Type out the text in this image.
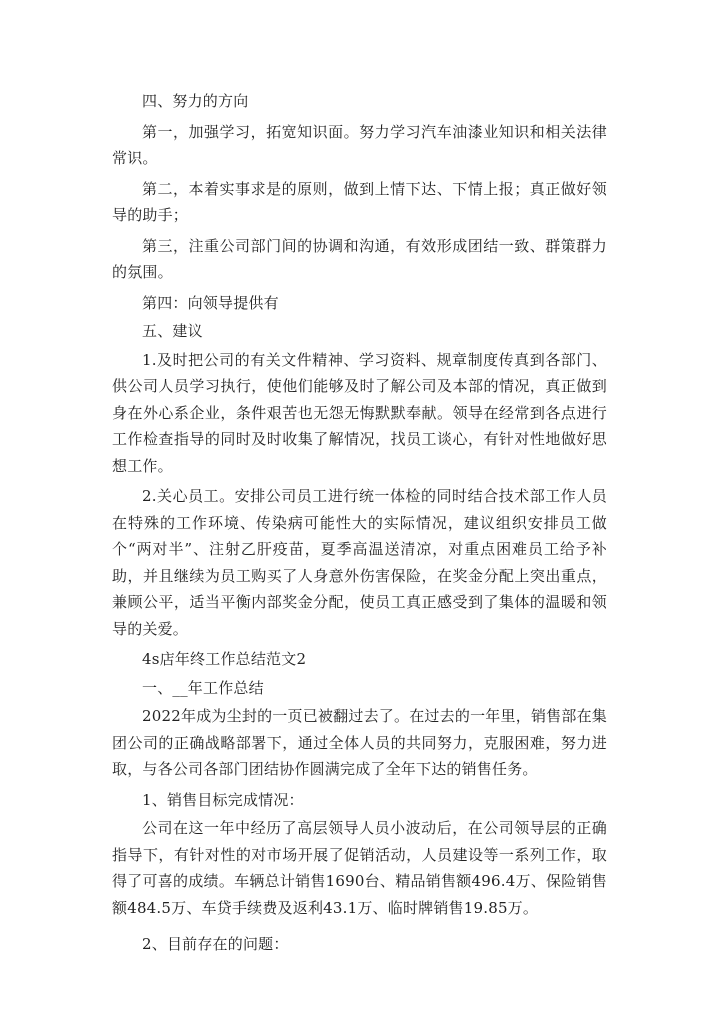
四、努力的方向

第一，加强学习，拓宽知识面。努力学习汽车油漆业知识和相关法律常识。

第二，本着实事求是的原则，做到上情下达、下情上报；真正做好领导的助手；

第三，注重公司部门间的协调和沟通，有效形成团结一致、群策群力的氛围。

第四：向领导提供有

五、建议

1.及时把公司的有关文件精神、学习资料、规章制度传真到各部门、供公司人员学习执行，使他们能够及时了解公司及本部的情况，真正做到身在外心系企业，条件艰苦也无怨无悔默默奉献。领导在经常到各点进行工作检查指导的同时及时收集了解情况，找员工谈心，有针对性地做好思想工作。

2.关心员工。安排公司员工进行统一体检的同时结合技术部工作人员在特殊的工作环境、传染病可能性大的实际情况，建议组织安排员工做个“两对半”、注射乙肝疫苗，夏季高温送清凉，对重点困难员工给予补助，并且继续为员工购买了人身意外伤害保险，在奖金分配上突出重点，兼顾公平，适当平衡内部奖金分配，使员工真正感受到了集体的温暖和领导的关爱。

4s店年终工作总结范文2

一、__年工作总结

2022年成为尘封的一页已被翻过去了。在过去的一年里，销售部在集团公司的正确战略部署下，通过全体人员的共同努力，克服困难，努力进取，与各公司各部门团结协作圆满完成了全年下达的销售任务。

1、销售目标完成情况：

公司在这一年中经历了高层领导人员小波动后，在公司领导层的正确指导下，有针对性的对市场开展了促销活动，人员建设等一系列工作，取得了可喜的成绩。车辆总计销售1690台、精品销售额496.4万、保险销售额484.5万、车贷手续费及返利43.1万、临时牌销售19.85万。

2、目前存在的问题：
